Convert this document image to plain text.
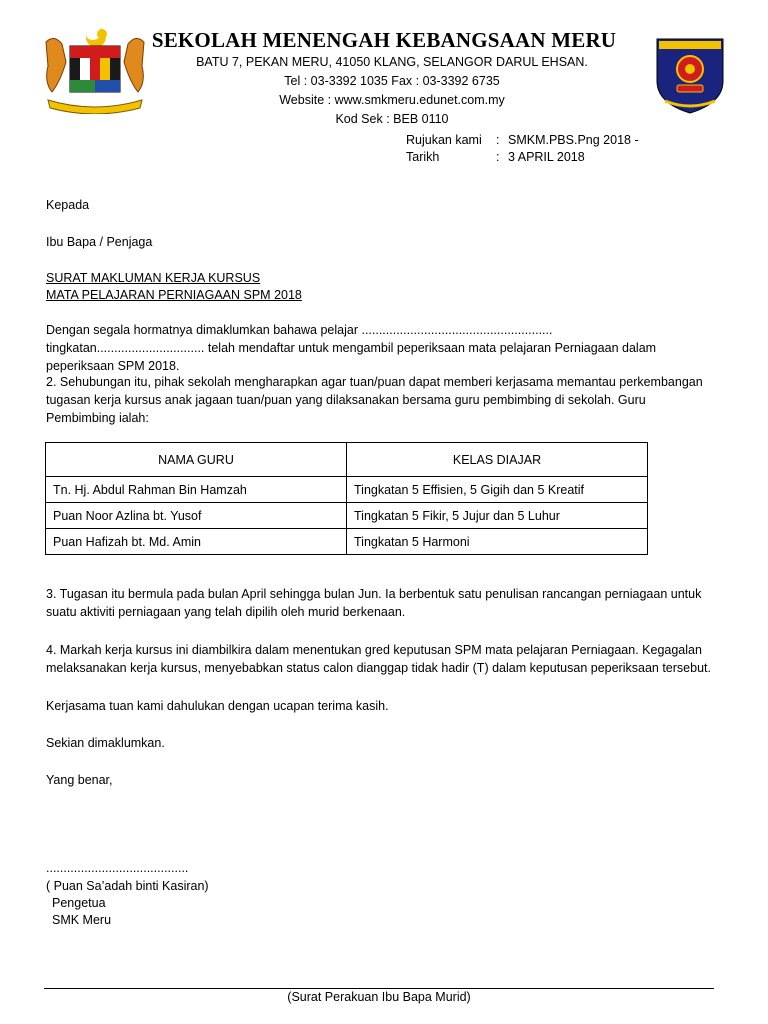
SEKOLAH MENENGAH KEBANGSAAN MERU
BATU 7, PEKAN MERU, 41050 KLANG, SELANGOR DARUL EHSAN.
Tel : 03-3392 1035 Fax : 03-3392 6735
Website : www.smkmeru.edunet.com.my
Kod Sek : BEB 0110
Rujukan kami : SMKM.PBS.Png 2018 -
Tarikh	: 3 APRIL 2018
Kepada
Ibu Bapa / Penjaga
SURAT MAKLUMAN KERJA KURSUS
MATA PELAJARAN PERNIAGAAN SPM 2018
Dengan segala hormatnya dimaklumkan bahawa pelajar ....................................................... tingkatan............................... telah mendaftar untuk mengambil peperiksaan mata pelajaran Perniagaan dalam peperiksaan SPM 2018.
2. Sehubungan itu, pihak sekolah mengharapkan agar tuan/puan dapat memberi kerjasama memantau perkembangan tugasan kerja kursus anak jagaan tuan/puan yang dilaksanakan bersama guru pembimbing di sekolah. Guru Pembimbing ialah:
NAMA GURU	KELAS DIAJAR
Tn. Hj. Abdul Rahman Bin Hamzah	Tingkatan 5 Effisien, 5 Gigih dan 5 Kreatif
Puan Noor Azlina bt. Yusof	Tingkatan 5 Fikir, 5 Jujur dan 5 Luhur
Puan Hafizah bt. Md. Amin	Tingkatan 5 Harmoni
3. Tugasan itu bermula pada bulan April sehingga bulan Jun. Ia berbentuk satu penulisan rancangan perniagaan untuk suatu aktiviti perniagaan yang telah dipilih oleh murid berkenaan.
4. Markah kerja kursus ini diambilkira dalam menentukan gred keputusan SPM mata pelajaran Perniagaan. Kegagalan melaksanakan kerja kursus, menyebabkan status calon dianggap tidak hadir (T) dalam keputusan peperiksaan tersebut.
Kerjasama tuan kami dahulukan dengan ucapan terima kasih.
Sekian dimaklumkan.
Yang benar,
.........................................
( Puan Sa’adah binti Kasiran)
Pengetua
SMK Meru
(Surat Perakuan Ibu Bapa Murid)
